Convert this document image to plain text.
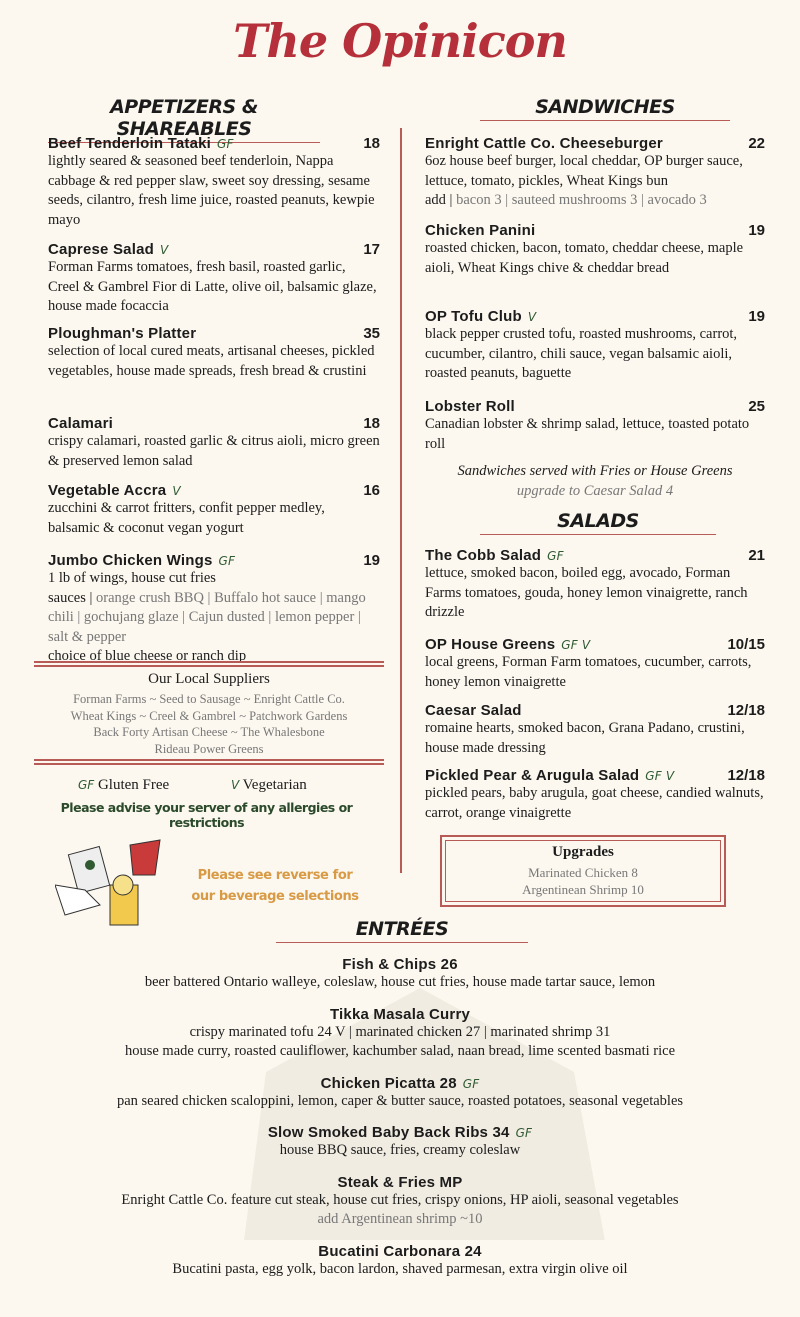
The Opinicon
APPETIZERS & SHAREABLES
SANDWICHES
Beef Tenderloin Tataki GF	18
lightly seared & seasoned beef tenderloin, Nappa cabbage & red pepper slaw, sweet soy dressing, sesame seeds, cilantro, fresh lime juice, roasted peanuts, kewpie mayo
Caprese Salad V	17
Forman Farms tomatoes, fresh basil, roasted garlic, Creel & Gambrel Fior di Latte, olive oil, balsamic glaze, house made focaccia
Ploughman's Platter	35
selection of local cured meats, artisanal cheeses, pickled vegetables, house made spreads, fresh bread & crustini
Calamari	18
crispy calamari, roasted garlic & citrus aioli, micro green & preserved lemon salad
Vegetable Accra V	16
zucchini & carrot fritters, confit pepper medley, balsamic & coconut vegan yogurt
Jumbo Chicken Wings GF	19
1 lb of wings, house cut fries
sauces | orange crush BBQ | Buffalo hot sauce | mango chili | gochujang glaze | Cajun dusted | lemon pepper | salt & pepper
choice of blue cheese or ranch dip
Enright Cattle Co. Cheeseburger	22
6oz house beef burger, local cheddar, OP burger sauce, lettuce, tomato, pickles, Wheat Kings bun
add | bacon 3 | sauteed mushrooms 3 | avocado 3
Chicken Panini	19
roasted chicken, bacon, tomato, cheddar cheese, maple aioli, Wheat Kings chive & cheddar bread
OP Tofu Club V	19
black pepper crusted tofu, roasted mushrooms, carrot, cucumber, cilantro, chili sauce, vegan balsamic aioli, roasted peanuts, baguette
Lobster Roll	25
Canadian lobster & shrimp salad, lettuce, toasted potato roll
Our Local Suppliers
Forman Farms ~ Seed to Sausage ~ Enright Cattle Co.
Wheat Kings ~ Creel & Gambrel ~ Patchwork Gardens
Back Forty Artisan Cheese ~ The Whalesbone
Rideau Power Greens
GF Gluten Free	V Vegetarian
Please advise your server of any allergies or restrictions
Please see reverse for our beverage selections
Sandwiches served with Fries or House Greens
upgrade to Caesar Salad 4
SALADS
The Cobb Salad GF	21
lettuce, smoked bacon, boiled egg, avocado, Forman Farms tomatoes, gouda, honey lemon vinaigrette, ranch drizzle
OP House Greens GF V	10/15
local greens, Forman Farm tomatoes, cucumber, carrots, honey lemon vinaigrette
Caesar Salad	12/18
romaine hearts, smoked bacon, Grana Padano, crustini, house made dressing
Pickled Pear & Arugula Salad GF V	12/18
pickled pears, baby arugula, goat cheese, candied walnuts, carrot, orange vinaigrette
Upgrades
Marinated Chicken 8
Argentinean Shrimp 10
ENTRÉES
Fish & Chips 26
beer battered Ontario walleye, coleslaw, house cut fries, house made tartar sauce, lemon
Tikka Masala Curry
crispy marinated tofu 24 V | marinated chicken 27 | marinated shrimp 31
house made curry, roasted cauliflower, kachumber salad, naan bread, lime scented basmati rice
Chicken Picatta 28 GF
pan seared chicken scaloppini, lemon, caper & butter sauce, roasted potatoes, seasonal vegetables
Slow Smoked Baby Back Ribs 34 GF
house BBQ sauce, fries, creamy coleslaw
Steak & Fries MP
Enright Cattle Co. feature cut steak, house cut fries, crispy onions, HP aioli, seasonal vegetables
add Argentinean shrimp ~10
Bucatini Carbonara 24
Bucatini pasta, egg yolk, bacon lardon, shaved parmesan, extra virgin olive oil
